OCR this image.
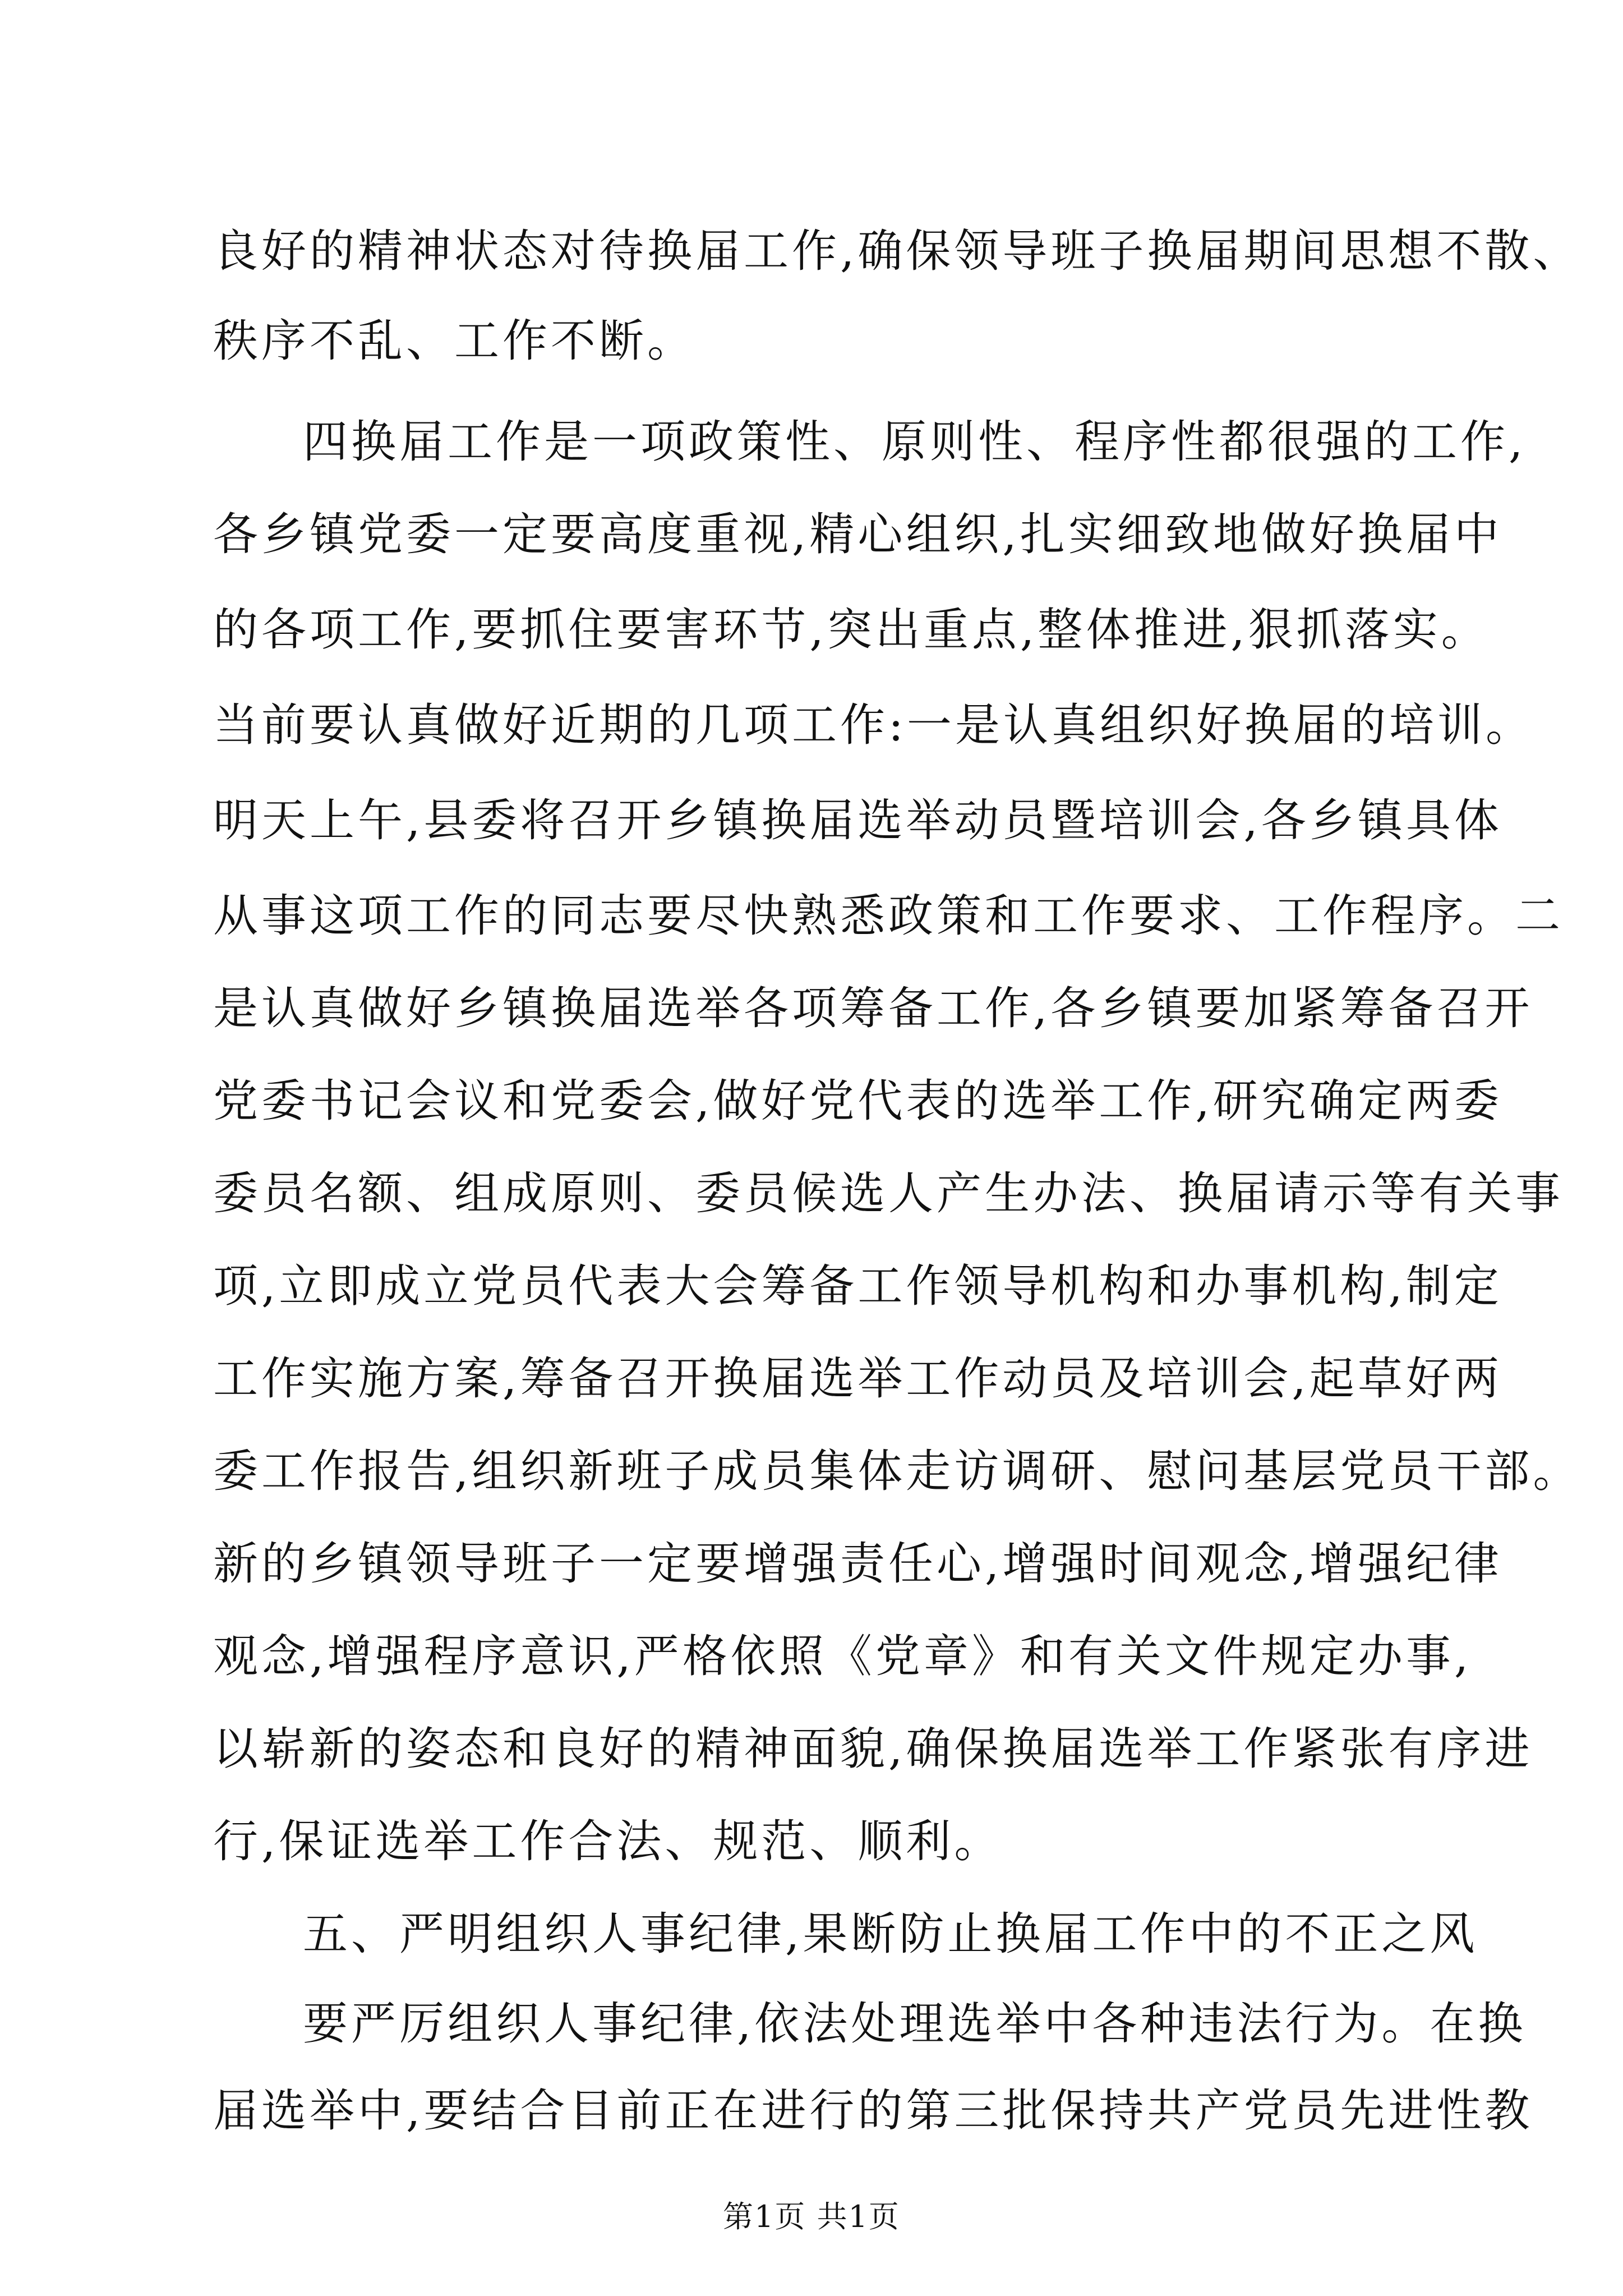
良好的精神状态对待换届工作,确保领导班子换届期间思想不散、
秩序不乱、工作不断。
四换届工作是一项政策性、原则性、程序性都很强的工作,
各乡镇党委一定要高度重视,精心组织,扎实细致地做好换届中
的各项工作,要抓住要害环节,突出重点,整体推进,狠抓落实。
当前要认真做好近期的几项工作:一是认真组织好换届的培训。
明天上午,县委将召开乡镇换届选举动员暨培训会,各乡镇具体
从事这项工作的同志要尽快熟悉政策和工作要求、工作程序。二
是认真做好乡镇换届选举各项筹备工作,各乡镇要加紧筹备召开
党委书记会议和党委会,做好党代表的选举工作,研究确定两委
委员名额、组成原则、委员候选人产生办法、换届请示等有关事
项,立即成立党员代表大会筹备工作领导机构和办事机构,制定
工作实施方案,筹备召开换届选举工作动员及培训会,起草好两
委工作报告,组织新班子成员集体走访调研、慰问基层党员干部。
新的乡镇领导班子一定要增强责任心,增强时间观念,增强纪律
观念,增强程序意识,严格依照《党章》和有关文件规定办事,
以崭新的姿态和良好的精神面貌,确保换届选举工作紧张有序进
行,保证选举工作合法、规范、顺利。
五、严明组织人事纪律,果断防止换届工作中的不正之风
要严厉组织人事纪律,依法处理选举中各种违法行为。在换
届选举中,要结合目前正在进行的第三批保持共产党员先进性教
第1页 共1页
